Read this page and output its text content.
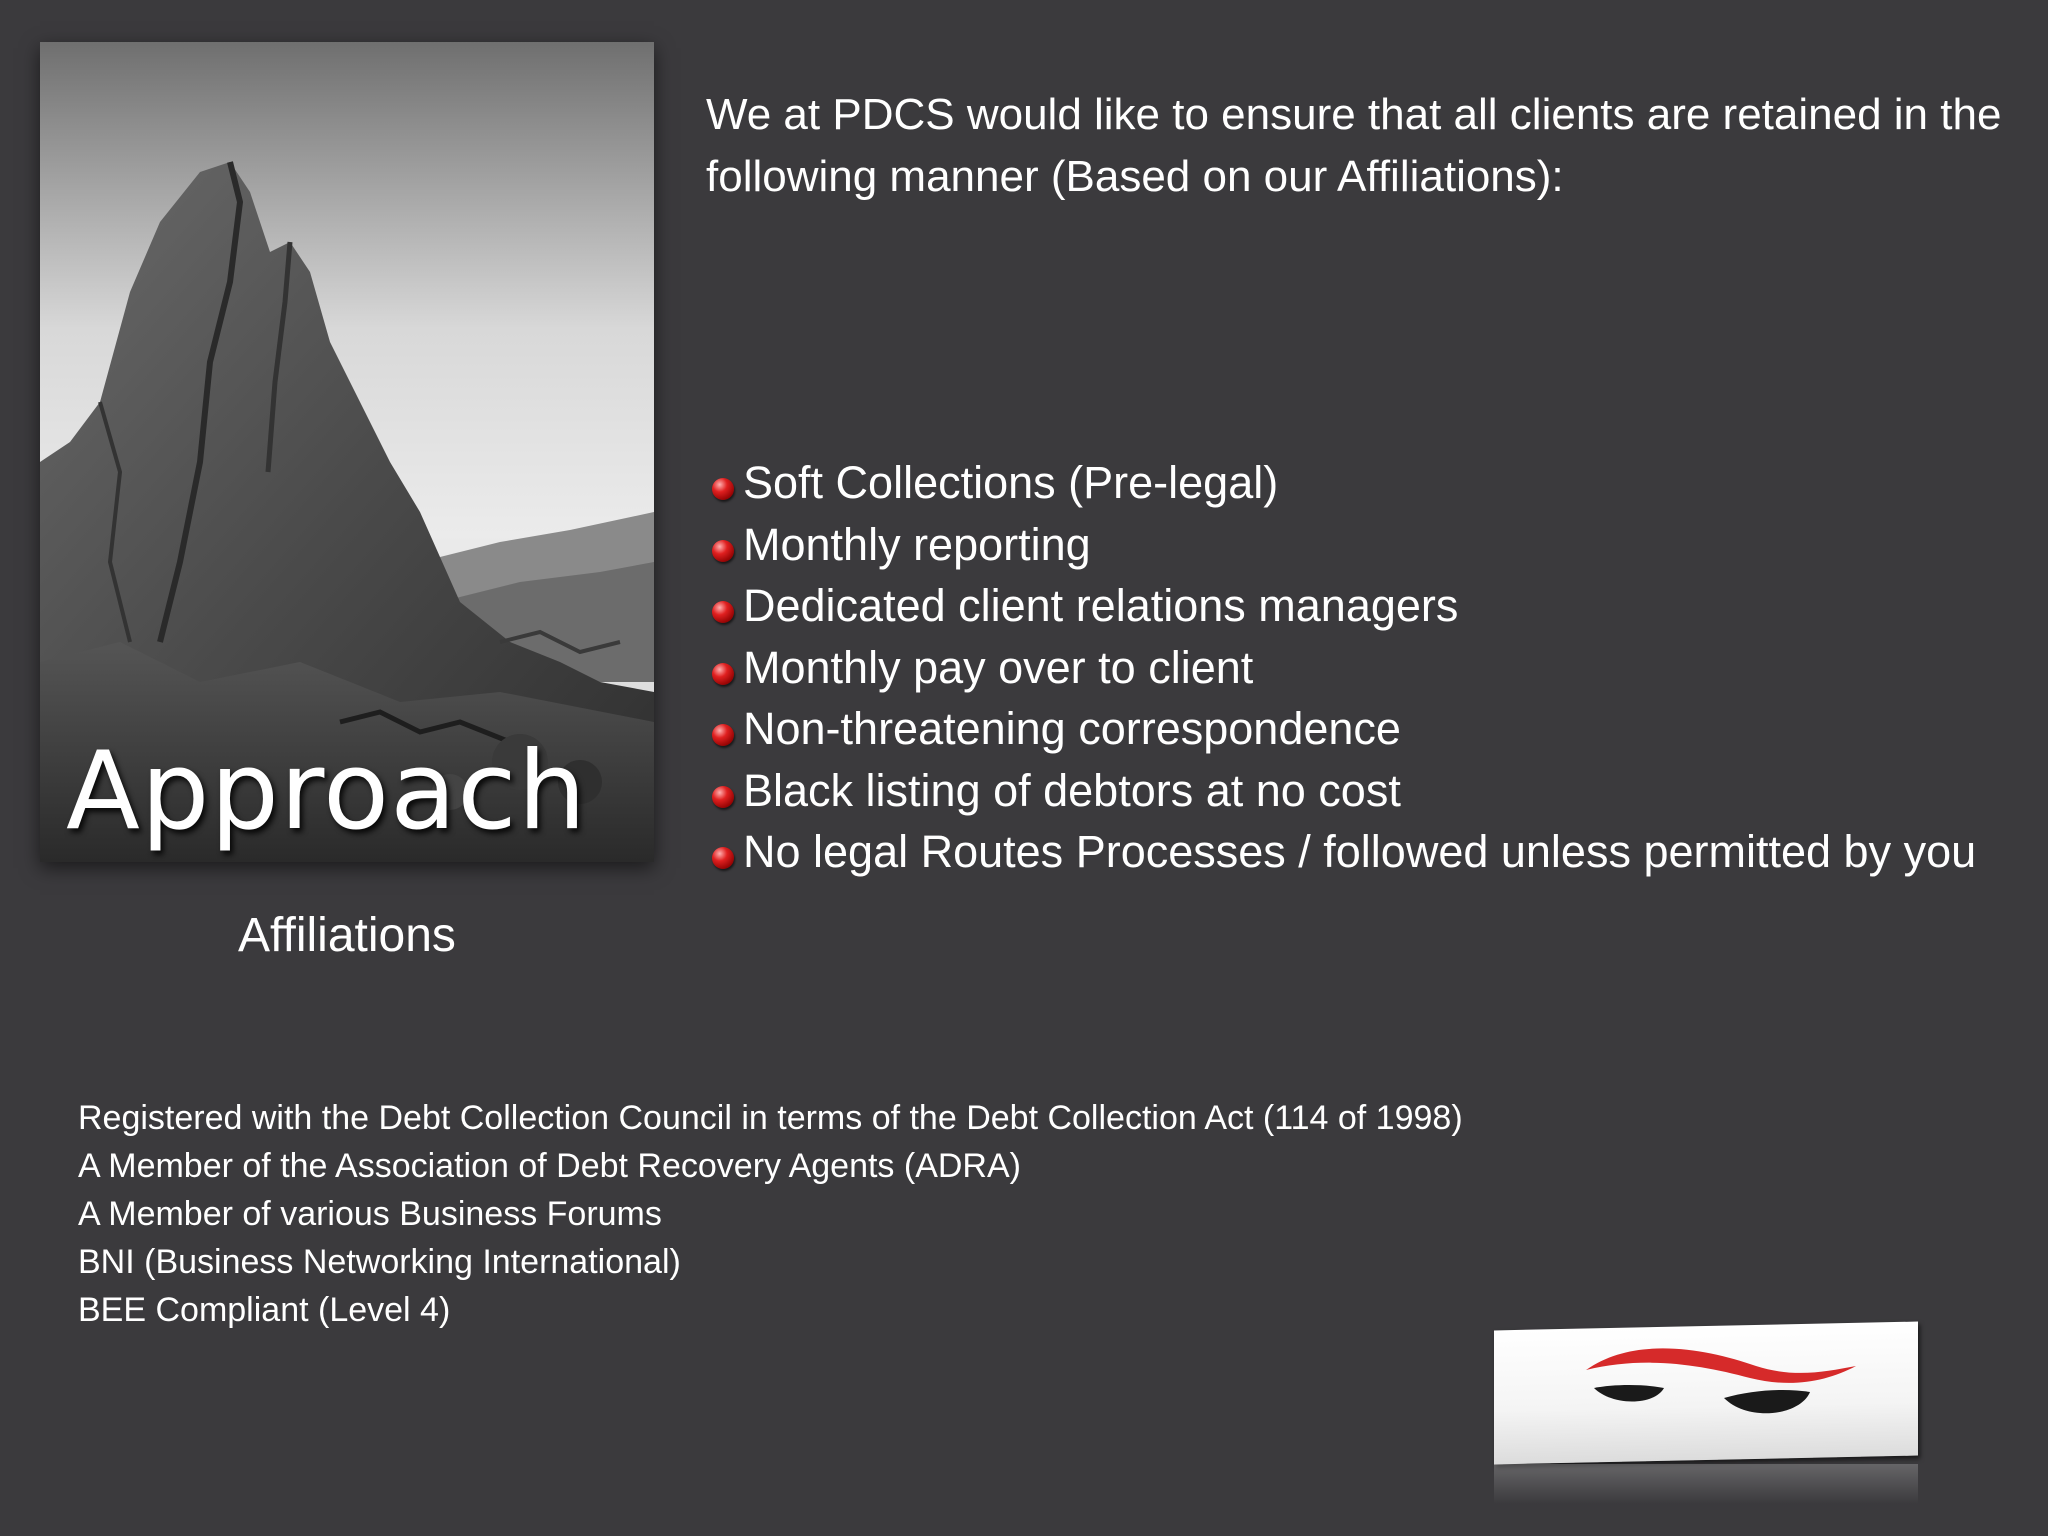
Approach
Affiliations
We at PDCS would like to ensure that all clients are retained in the following manner (Based on our Affiliations):
Soft Collections (Pre-legal)
Monthly reporting
Dedicated client relations managers
Monthly pay over to client
Non-threatening correspondence
Black listing of debtors at no cost
No legal Routes Processes / followed unless permitted by you
Registered with the Debt Collection Council in terms of the Debt Collection Act (114 of 1998)
A Member of the Association of Debt Recovery Agents (ADRA)
A Member of various Business Forums
BNI (Business Networking International)
BEE Compliant (Level 4)
